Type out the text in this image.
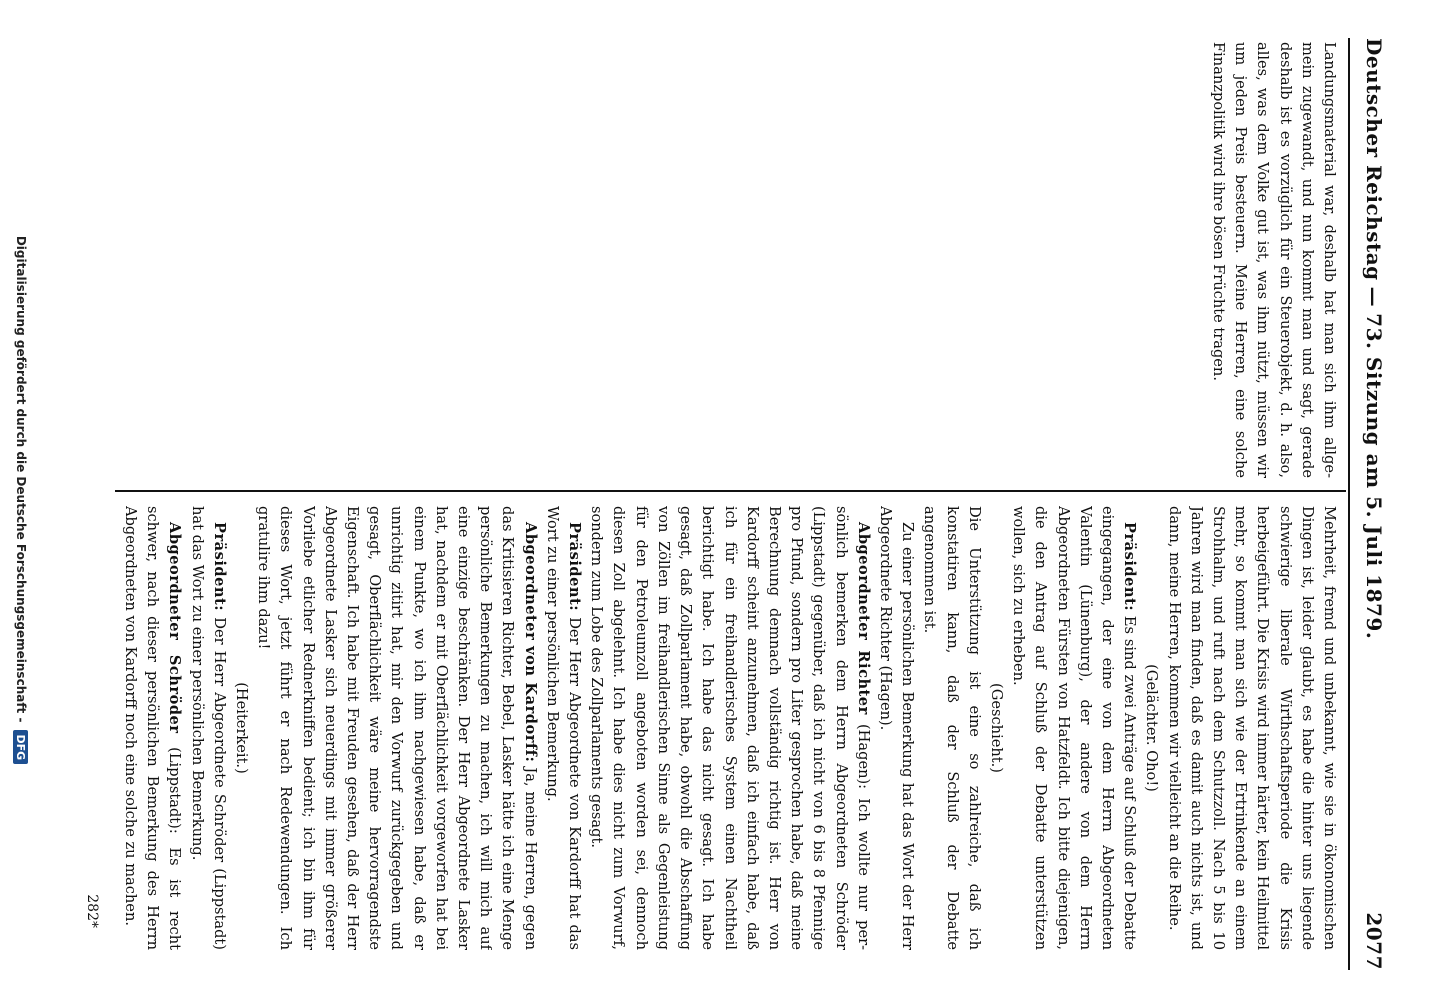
Deutscher Reichstag
—
73. Sitzung am 5. Juli 1879.
2077

Landungsmaterial war, deshalb hat man sich ihm allgemein zugewandt, und nun kommt man und sagt, gerade deshalb ist es vorzüglich für ein Steuerobjekt, d. h. also, alles, was dem Volke gut ist, was ihm nützt, müssen wir um jeden Preis besteuern. Meine Herren, eine solche Finanzpolitik wird ihre bösen Früchte tragen.

Mehrheit, fremd und unbekannt, wie sie in ökonomischen Dingen ist, leider glaubt, es habe die hinter uns liegende schwierige liberale Wirthschaftsperiode die Krisis herbeigeführt. Die Krisis wird immer härter, kein Heilmittel mehr, so kommt man sich wie der Ertrinkende an einem Strohhalm, und ruft nach dem Schutzzoll. Nach 5 bis 10 Jahren wird man finden, daß es damit auch nichts ist, und dann, meine Herren, kommen wir vielleicht an die Reihe.

(Gelächter. Oho!)

Präsident: Es sind zwei Anträge auf Schluß der Debatte eingegangen, der eine von dem Herrn Abgeordneten Valentin (Lünenburg), der andere von dem Herrn Abgeordneten Fürsten von Hatzfeldt. Ich bitte diejenigen, die den Antrag auf Schluß der Debatte unterstützen wollen, sich zu erheben.

(Geschieht.)

Die Unterstützung ist eine so zahlreiche, daß ich konstatiren kann, daß der Schluß der Debatte angenommen ist.

Zu einer persönlichen Bemerkung hat das Wort der Herr Abgeordnete Richter (Hagen).

Abgeordneter Richter (Hagen): Ich wollte nur persönlich bemerken dem Herrn Abgeordneten Schröder (Lippstadt) gegenüber, daß ich nicht von 6 bis 8 Pfennige pro Pfund, sondern pro Liter gesprochen habe, daß meine Berechnung demnach vollständig richtig ist. Herr von Kardorff scheint anzunehmen, daß ich einfach habe, daß ich für ein freihandlerisches System einen Nachtheil berichtigt habe. Ich habe das nicht gesagt. Ich habe gesagt, daß Zollparlament habe, obwohl die Abschaffung von Zöllen im freihandlerischen Sinne als Gegenleistung für den Petroleumzoll angeboten worden sei, dennoch diesen Zoll abgelehnt. Ich habe dies nicht zum Vorwurf, sondern zum Lobe des Zollparlaments gesagt.

Präsident: Der Herr Abgeordnete von Kardorff hat das Wort zu einer persönlichen Bemerkung.

Abgeordneter von Kardorff: Ja, meine Herren, gegen das Kritisieren Richter, Bebel, Lasker hätte ich eine Menge persönliche Bemerkungen zu machen, ich will mich auf eine einzige beschränken. Der Herr Abgeordnete Lasker hat, nachdem er mit Oberflächlichkeit vorgeworfen hat bei einem Punkte, wo ich ihm nachgewiesen habe, daß er unrichtig zitirt hat, mir den Vorwurf zurückgegeben und gesagt, Oberflächlichkeit wäre meine hervorragendste Eigenschaft. Ich habe mit Freuden gesehen, daß der Herr Abgeordnete Lasker sich neuerdings mit immer größerer Vorliebe etlicher Rednerkniffen bedient; ich bin ihm für dieses Wort, jetzt führt er nach Redewendungen. Ich gratulire ihm dazu!

(Heiterkeit.)

Präsident: Der Herr Abgeordnete Schröder (Lippstadt) hat das Wort zu einer persönlichen Bemerkung.

Abgeordneter Schröder (Lippstadt): Es ist recht schwer, nach dieser persönlichen Bemerkung des Herrn Abgeordneten von Kardorff noch eine solche zu machen.

282*
Digitalisierung gefördert durch die Deutsche Forschungsgemeinschaft -
DFG
